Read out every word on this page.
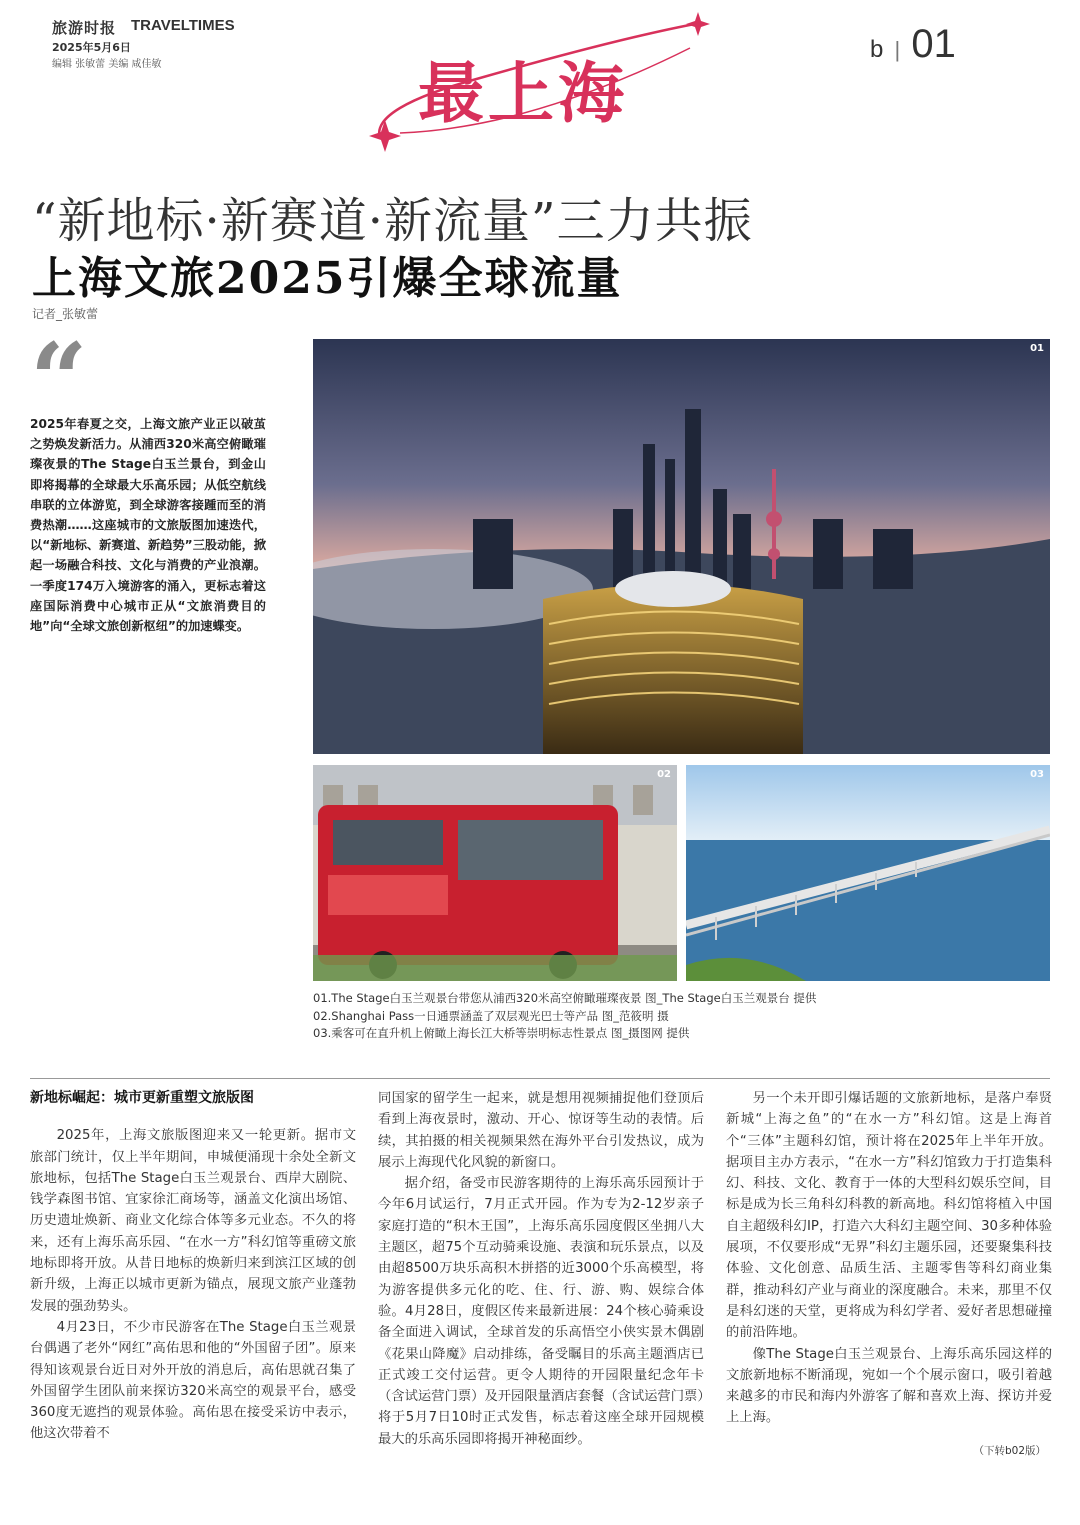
旅游时报 TRAVELTIMES
2025年5月6日
编辑 张敏蕾 美编 咸佳敏	最上海
b | 01
“新地标·新赛道·新流量”三力共振
上海文旅2025引爆全球流量
记者_张敏蕾
“
2025年春夏之交，上海文旅产业正以破茧之势焕发新活力。从浦西320米高空俯瞰璀璨夜景的The Stage白玉兰景台，到金山即将揭幕的全球最大乐高乐园；从低空航线串联的立体游览，到全球游客接踵而至的消费热潮……这座城市的文旅版图加速迭代，以“新地标、新赛道、新趋势”三股动能，掀起一场融合科技、文化与消费的产业浪潮。一季度174万入境游客的涌入，更标志着这座国际消费中心城市正从“文旅消费目的地”向“全球文旅创新枢纽”的加速蝶变。
01
02	03
01.The Stage白玉兰观景台带您从浦西320米高空俯瞰璀璨夜景 图_The Stage白玉兰观景台 提供
02.Shanghai Pass一日通票涵盖了双层观光巴士等产品 图_范筱明 摄
03.乘客可在直升机上俯瞰上海长江大桥等崇明标志性景点 图_摄图网 提供
新地标崛起：城市更新重塑文旅版图

2025年，上海文旅版图迎来又一轮更新。据市文旅部门统计，仅上半年期间，申城便涌现十余处全新文旅地标，包括The Stage白玉兰观景台、西岸大剧院、钱学森图书馆、宜家徐汇商场等，涵盖文化演出场馆、历史遗址焕新、商业文化综合体等多元业态。不久的将来，还有上海乐高乐园、“在水一方”科幻馆等重磅文旅地标即将开放。从昔日地标的焕新归来到滨江区域的创新升级，上海正以城市更新为锚点，展现文旅产业蓬勃发展的强劲势头。

4月23日，不少市民游客在The Stage白玉兰观景台偶遇了老外“网红”高佑思和他的“外国留子团”。原来得知该观景台近日对外开放的消息后，高佑思就召集了外国留学生团队前来探访320米高空的观景平台，感受360度无遮挡的观景体验。高佑思在接受采访中表示，他这次带着不

同国家的留学生一起来，就是想用视频捕捉他们登顶后看到上海夜景时，激动、开心、惊讶等生动的表情。后续，其拍摄的相关视频果然在海外平台引发热议，成为展示上海现代化风貌的新窗口。

据介绍，备受市民游客期待的上海乐高乐园预计于今年6月试运行，7月正式开园。作为专为2-12岁亲子家庭打造的“积木王国”，上海乐高乐园度假区坐拥八大主题区，超75个互动骑乘设施、表演和玩乐景点，以及由超8500万块乐高积木拼搭的近3000个乐高模型，将为游客提供多元化的吃、住、行、游、购、娱综合体验。4月28日，度假区传来最新进展：24个核心骑乘设备全面进入调试，全球首发的乐高悟空小侠实景木偶剧《花果山降魔》启动排练，备受瞩目的乐高主题酒店已正式竣工交付运营。更令人期待的开园限量纪念年卡（含试运营门票）及开园限量酒店套餐（含试运营门票）将于5月7日10时正式发售，标志着这座全球开园规模最大的乐高乐园即将揭开神秘面纱。

另一个未开即引爆话题的文旅新地标，是落户奉贤新城“上海之鱼”的“在水一方”科幻馆。这是上海首个“三体”主题科幻馆，预计将在2025年上半年开放。据项目主办方表示，“在水一方”科幻馆致力于打造集科幻、科技、文化、教育于一体的大型科幻娱乐空间，目标是成为长三角科幻科教的新高地。科幻馆将植入中国自主超级科幻IP，打造六大科幻主题空间、30多种体验展项，不仅要形成“无界”科幻主题乐园，还要聚集科技体验、文化创意、品质生活、主题零售等科幻商业集群，推动科幻产业与商业的深度融合。未来，那里不仅是科幻迷的天堂，更将成为科幻学者、爱好者思想碰撞的前沿阵地。

像The Stage白玉兰观景台、上海乐高乐园这样的文旅新地标不断涌现，宛如一个个展示窗口，吸引着越来越多的市民和海内外游客了解和喜欢上海、探访并爱上上海。

（下转b02版）
